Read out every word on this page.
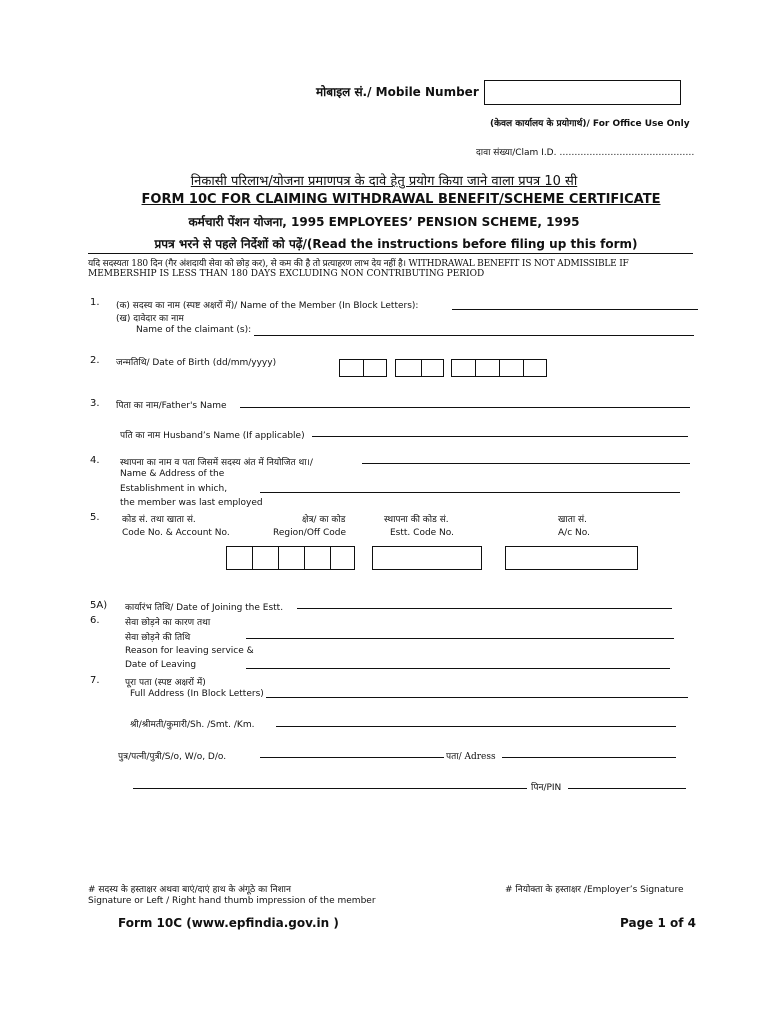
मोबाइल सं./ Mobile Number
(केवल कार्यालय के प्रयोगार्थ)/ For Office Use Only
दावा संख्या/Clam I.D. ………………………………………
निकासी परिलाभ/योजना प्रमाणपत्र के दावे हेतु प्रयोग किया जाने वाला प्रपत्र 10 सी
FORM 10C FOR CLAIMING WITHDRAWAL BENEFIT/SCHEME CERTIFICATE
कर्मचारी पेंशन योजना, 1995 EMPLOYEES’ PENSION SCHEME, 1995
प्रपत्र भरने से पहले निर्देशों को पढ़ें/(Read the instructions before filing up this form)
यदि सदस्यता 180 दिन (गैर अंशदायी सेवा को छोड़ कर), से कम की है तो प्रत्याहरण लाभ देय नहीं है। WITHDRAWAL BENEFIT IS NOT ADMISSIBLE IF
MEMBERSHIP IS LESS THAN 180 DAYS EXCLUDING NON CONTRIBUTING PERIOD
1. (क) सदस्य का नाम (स्पष्ट अक्षरों में)/ Name of the Member (In Block Letters):
(ख) दावेदार का नाम
Name of the claimant (s):
2. जन्मतिथि/ Date of Birth (dd/mm/yyyy)
3. पिता का नाम/Father's Name
पति का नाम Husband’s Name (If applicable)
4. स्थापना का नाम व पता जिसमें सदस्य अंत में नियोजित था।/
Name & Address of the
Establishment in which,
the member was last employed
5. कोड सं. तथा खाता सं.	क्षेत्र/ का कोड	स्थापना की कोड सं.	खाता सं.
Code No. & Account No.	Region/Off Code	Estt. Code No.	A/c No.
5A) कार्यारंभ तिथि/ Date of Joining the Estt.
6.	सेवा छोड़ने का कारण तथा
सेवा छोड़ने की तिथि
Reason for leaving service &
Date of Leaving
7.	पूरा पता (स्पष्ट अक्षरों में)
Full Address (In Block Letters)
श्री/श्रीमती/कुमारी/Sh. /Smt. /Km.
पुत्र/पत्नी/पुत्री/S/o, W/o, D/o.	पता/ Adress
पिन/PIN
# सदस्य के हस्ताक्षर अथवा बाएं/दाएं हाथ के अंगूठे का निशान
Signature or Left / Right hand thumb impression of the member
# नियोक्ता के हस्ताक्षर /Employer’s Signature
Form 10C (www.epfindia.gov.in )	Page 1 of 4
